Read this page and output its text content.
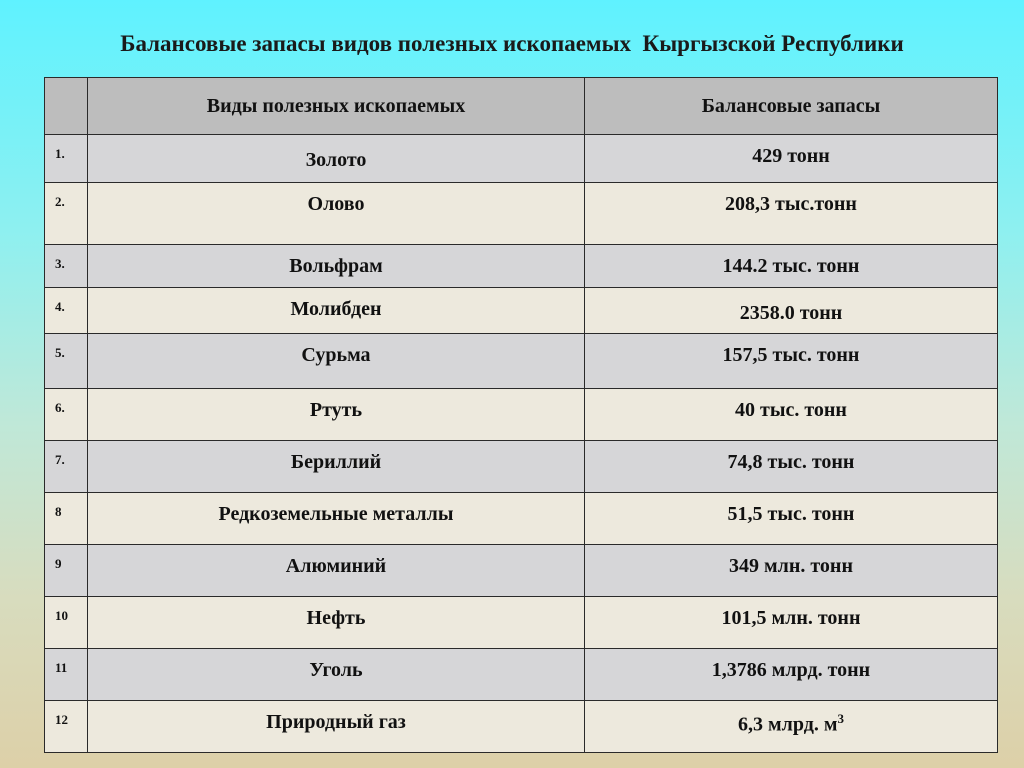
Балансовые запасы видов полезных ископаемых  Кыргызской Республики
	Виды полезных ископаемых	Балансовые запасы
1.	Золото	429 тонн
2.	Олово	208,3 тыс.тонн
3.	Вольфрам	144.2 тыс. тонн
4.	Молибден	2358.0 тонн
5.	Сурьма	157,5 тыс. тонн
6.	Ртуть	40 тыс. тонн
7.	Бериллий	74,8 тыс. тонн
8	Редкоземельные металлы	51,5 тыс. тонн
9	Алюминий	349 млн. тонн
10	Нефть	101,5 млн. тонн
11	Уголь	1,3786 млрд. тонн
12	Природный газ	6,3 млрд. $м^3$
